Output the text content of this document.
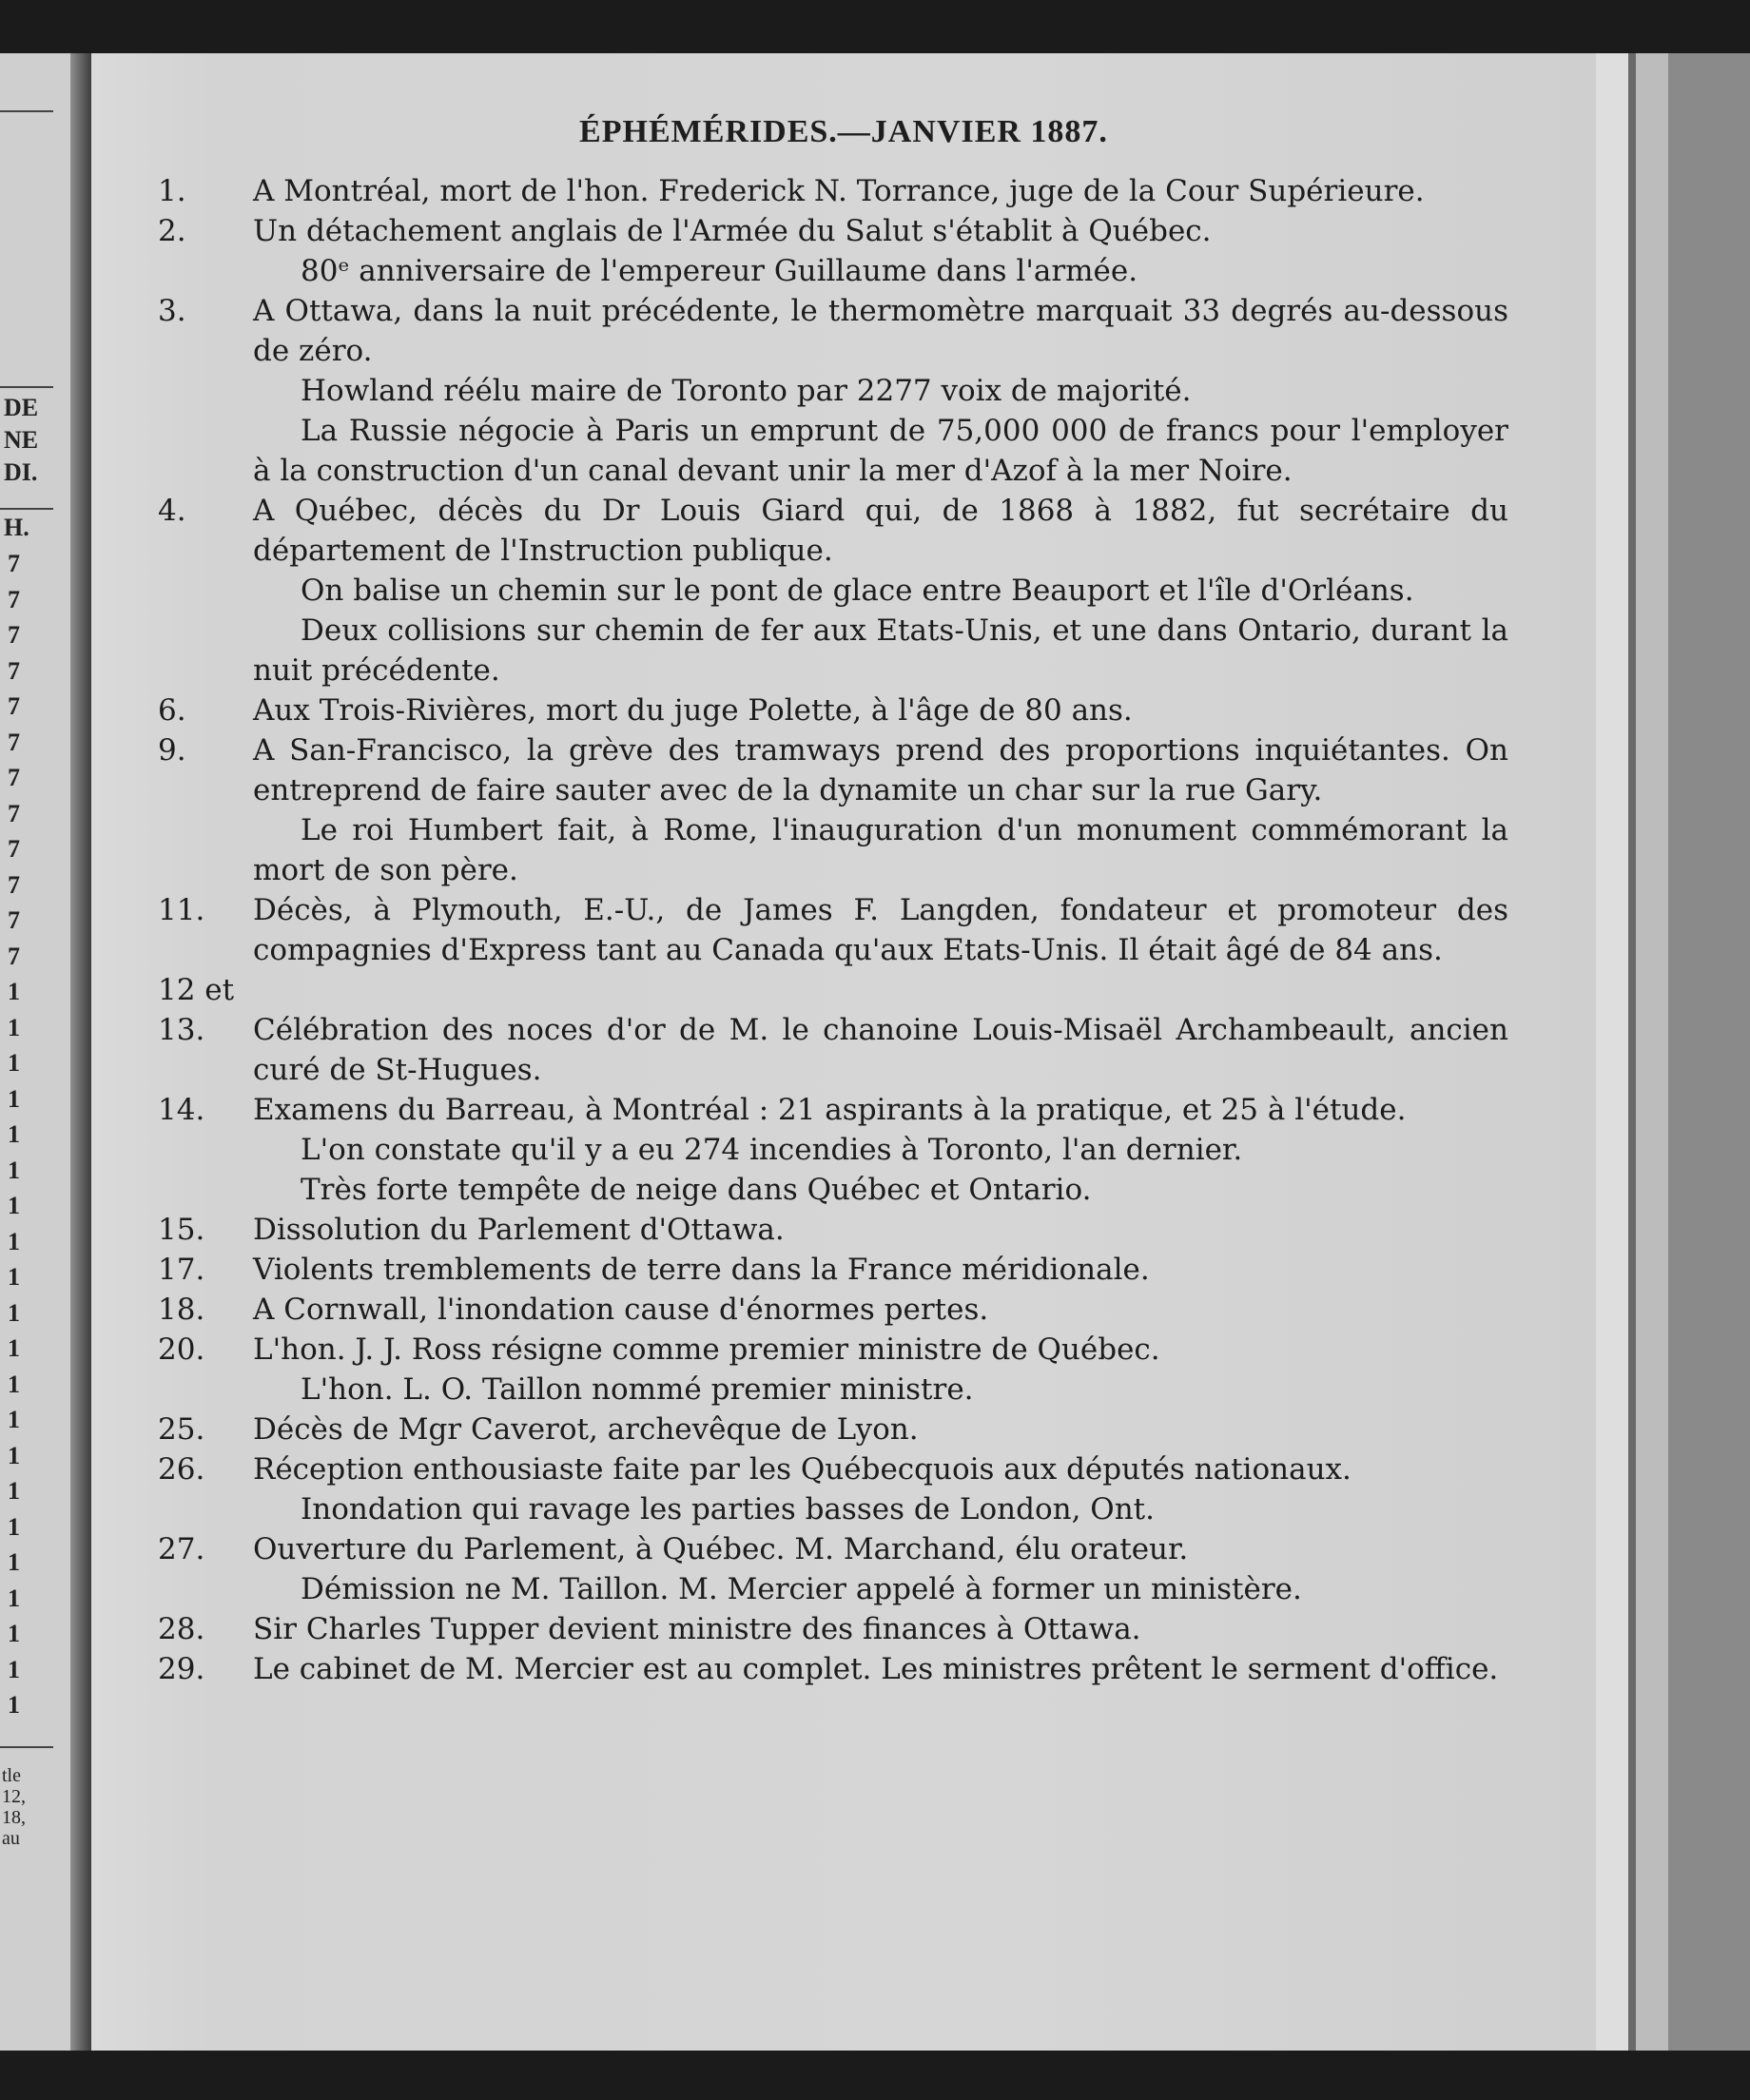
DE
NE
DI.
H.
7
7
7
7
7
7
7
7
7
7
7
7
1
1
1
1
1
1
1
1
1
1
1
1
1
1
1
1
1
1
1
1
1
tle
12,
18,
au
ÉPHÉMÉRIDES.—JANVIER 1887.
1. A Montréal, mort de l'hon. Frederick N. Torrance, juge de la Cour Supérieure.
2. Un détachement anglais de l'Armée du Salut s'établit à Québec.
80ᵉ anniversaire de l'empereur Guillaume dans l'armée.
3. A Ottawa, dans la nuit précédente, le thermomètre marquait 33 degrés au-dessous de zéro.
Howland réélu maire de Toronto par 2277 voix de majorité.
La Russie négocie à Paris un emprunt de 75,000 000 de francs pour l'employer à la construction d'un canal devant unir la mer d'Azof à la mer Noire.
4. A Québec, décès du Dr Louis Giard qui, de 1868 à 1882, fut secrétaire du département de l'Instruction publique.
On balise un chemin sur le pont de glace entre Beauport et l'île d'Orléans.
Deux collisions sur chemin de fer aux Etats-Unis, et une dans Ontario, durant la nuit précédente.
6. Aux Trois-Rivières, mort du juge Polette, à l'âge de 80 ans.
9. A San-Francisco, la grève des tramways prend des proportions inquiétantes. On entreprend de faire sauter avec de la dynamite un char sur la rue Gary.
Le roi Humbert fait, à Rome, l'inauguration d'un monument commémorant la mort de son père.
11. Décès, à Plymouth, E.-U., de James F. Langden, fondateur et promoteur des compagnies d'Express tant au Canada qu'aux Etats-Unis. Il était âgé de 84 ans.
12 et 13. Célébration des noces d'or de M. le chanoine Louis-Misaël Archambeault, ancien curé de St-Hugues.
14. Examens du Barreau, à Montréal : 21 aspirants à la pratique, et 25 à l'étude.
L'on constate qu'il y a eu 274 incendies à Toronto, l'an dernier.
Très forte tempête de neige dans Québec et Ontario.
15. Dissolution du Parlement d'Ottawa.
17. Violents tremblements de terre dans la France méridionale.
18. A Cornwall, l'inondation cause d'énormes pertes.
20. L'hon. J. J. Ross résigne comme premier ministre de Québec.
L'hon. L. O. Taillon nommé premier ministre.
25. Décès de Mgr Caverot, archevêque de Lyon.
26. Réception enthousiaste faite par les Québecquois aux députés nationaux.
Inondation qui ravage les parties basses de London, Ont.
27. Ouverture du Parlement, à Québec. M. Marchand, élu orateur.
Démission ne M. Taillon. M. Mercier appelé à former un ministère.
28. Sir Charles Tupper devient ministre des finances à Ottawa.
29. Le cabinet de M. Mercier est au complet. Les ministres prêtent le serment d'office.
